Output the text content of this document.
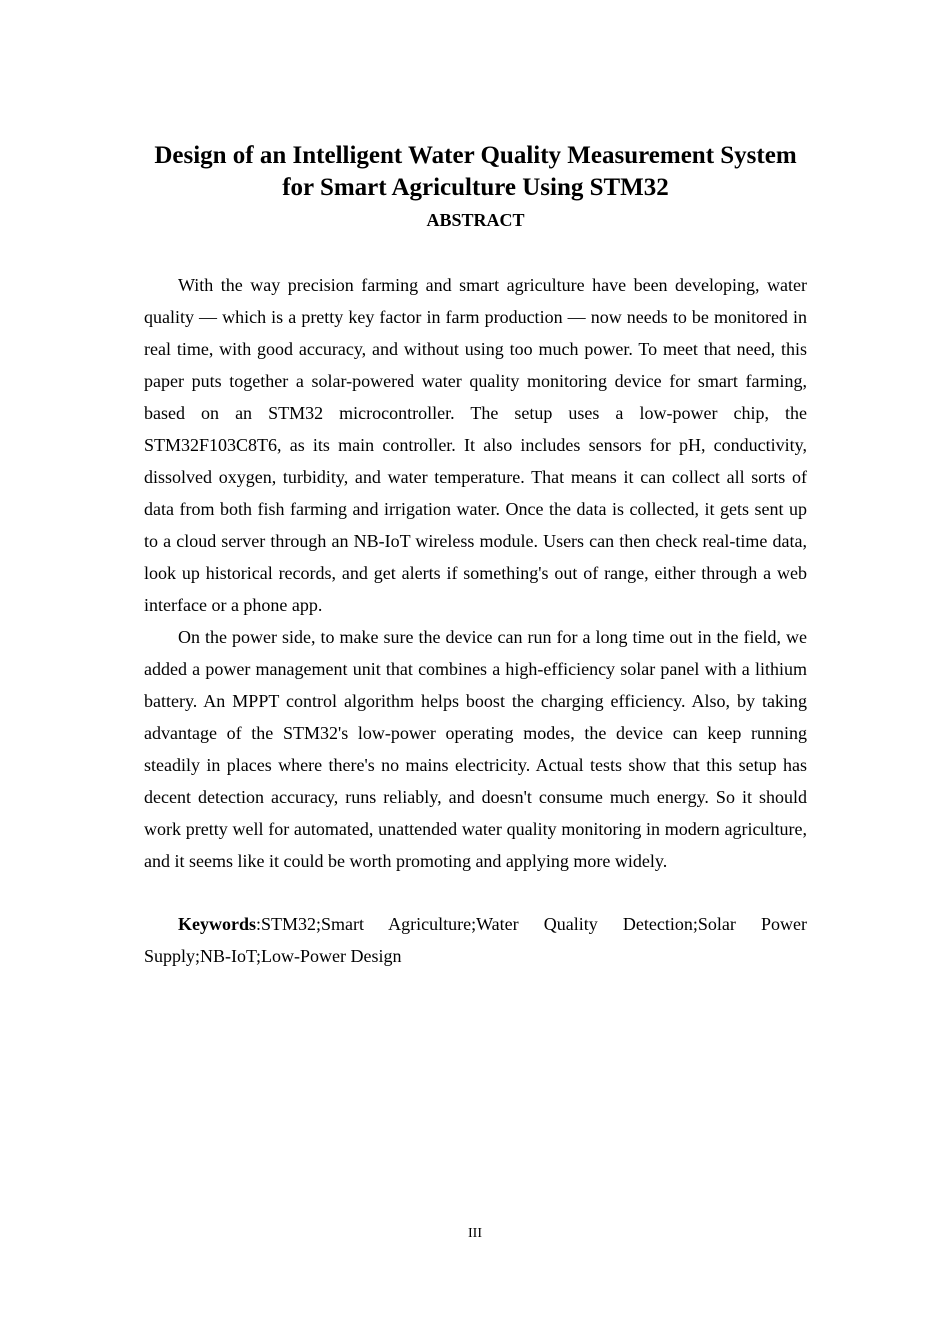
Design of an Intelligent Water Quality Measurement System
for Smart Agriculture Using STM32
ABSTRACT

With the way precision farming and smart agriculture have been developing, water quality — which is a pretty key factor in farm production — now needs to be monitored in real time, with good accuracy, and without using too much power. To meet that need, this paper puts together a solar-powered water quality monitoring device for smart farming, based on an STM32 microcontroller. The setup uses a low-power chip, the STM32F103C8T6, as its main controller. It also includes sensors for pH, conductivity, dissolved oxygen, turbidity, and water temperature. That means it can collect all sorts of data from both fish farming and irrigation water. Once the data is collected, it gets sent up to a cloud server through an NB-IoT wireless module. Users can then check real-time data, look up historical records, and get alerts if something's out of range, either through a web interface or a phone app.

On the power side, to make sure the device can run for a long time out in the field, we added a power management unit that combines a high-efficiency solar panel with a lithium battery. An MPPT control algorithm helps boost the charging efficiency. Also, by taking advantage of the STM32's low-power operating modes, the device can keep running steadily in places where there's no mains electricity. Actual tests show that this setup has decent detection accuracy, runs reliably, and doesn't consume much energy. So it should work pretty well for automated, unattended water quality monitoring in modern agriculture, and it seems like it could be worth promoting and applying more widely.

Keywords:STM32;Smart Agriculture;Water Quality Detection;Solar Power Supply;NB-IoT;Low-Power Design

III
